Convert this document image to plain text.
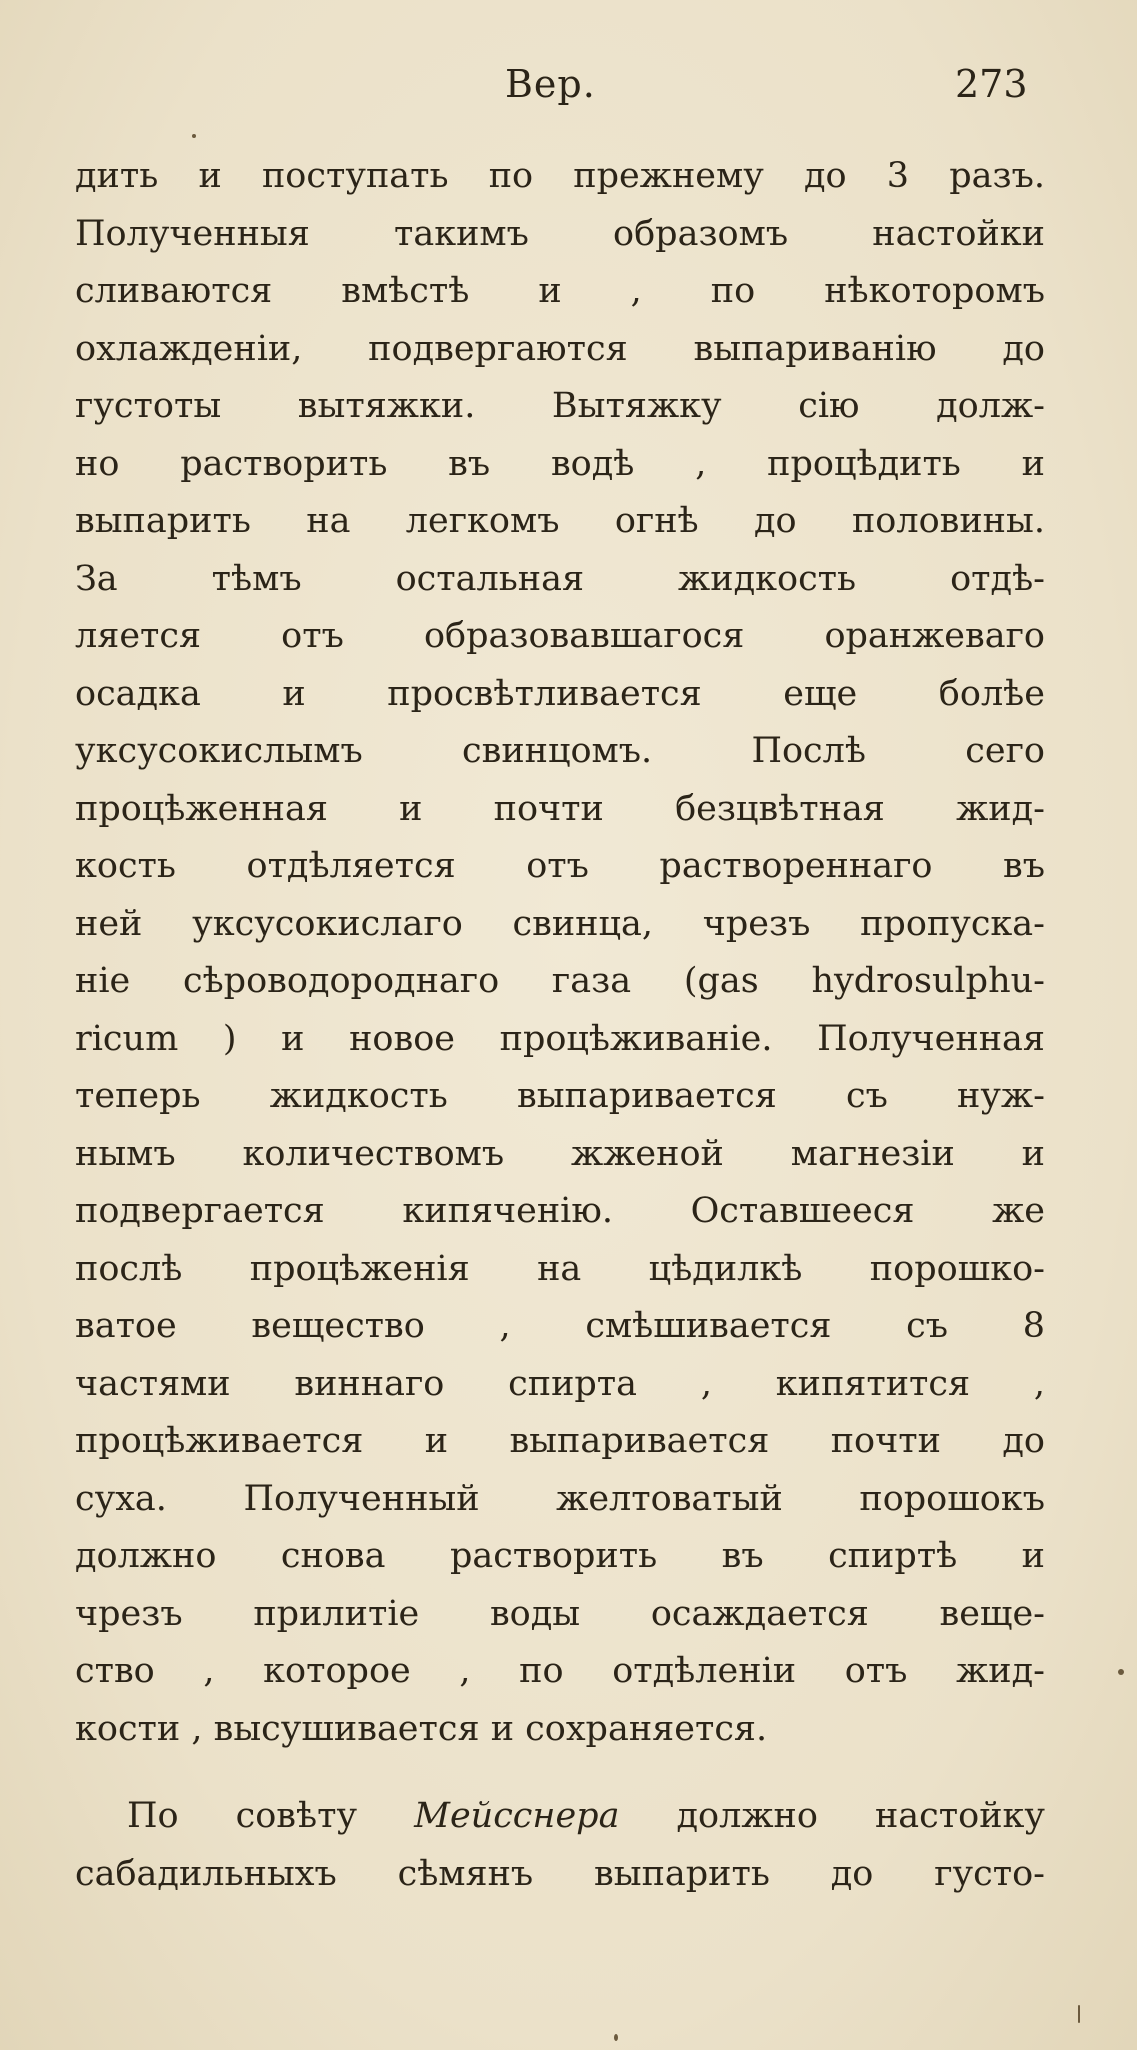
Вер.	273
дить и поступать по прежнему до 3 разъ.
Полученныя такимъ образомъ настойки
сливаются вмѣстѣ и , по нѣкоторомъ
охлажденіи, подвергаются выпариванію до
густоты вытяжки. Вытяжку сію долж-
но растворить въ водѣ , процѣдить и
выпарить на легкомъ огнѣ до половины.
За тѣмъ остальная жидкость отдѣ-
ляется отъ образовавшагося оранжеваго
осадка и просвѣтливается еще болѣе
уксусокислымъ свинцомъ. Послѣ сего
процѣженная и почти безцвѣтная жид-
кость отдѣляется отъ раствореннаго въ
ней уксусокислаго свинца, чрезъ пропуска-
ніе сѣроводороднаго газа (gas hydrosulphu-
ricum ) и новое процѣживаніе. Полученная
теперь жидкость выпаривается съ нуж-
нымъ количествомъ жженой магнезіи и
подвергается кипяченію. Оставшееся же
послѣ процѣженія на цѣдилкѣ порошко-
ватое вещество , смѣшивается съ 8
частями виннаго спирта , кипятится ,
процѣживается и выпаривается почти до
суха. Полученный желтоватый порошокъ
должно снова растворить въ спиртѣ и
чрезъ прилитіе воды осаждается веще-
ство , которое , по отдѣленіи отъ жид-
кости , высушивается и сохраняется.
По совѣту Мейсснера должно настойку
сабадильныхъ сѣмянъ выпарить до густо-
